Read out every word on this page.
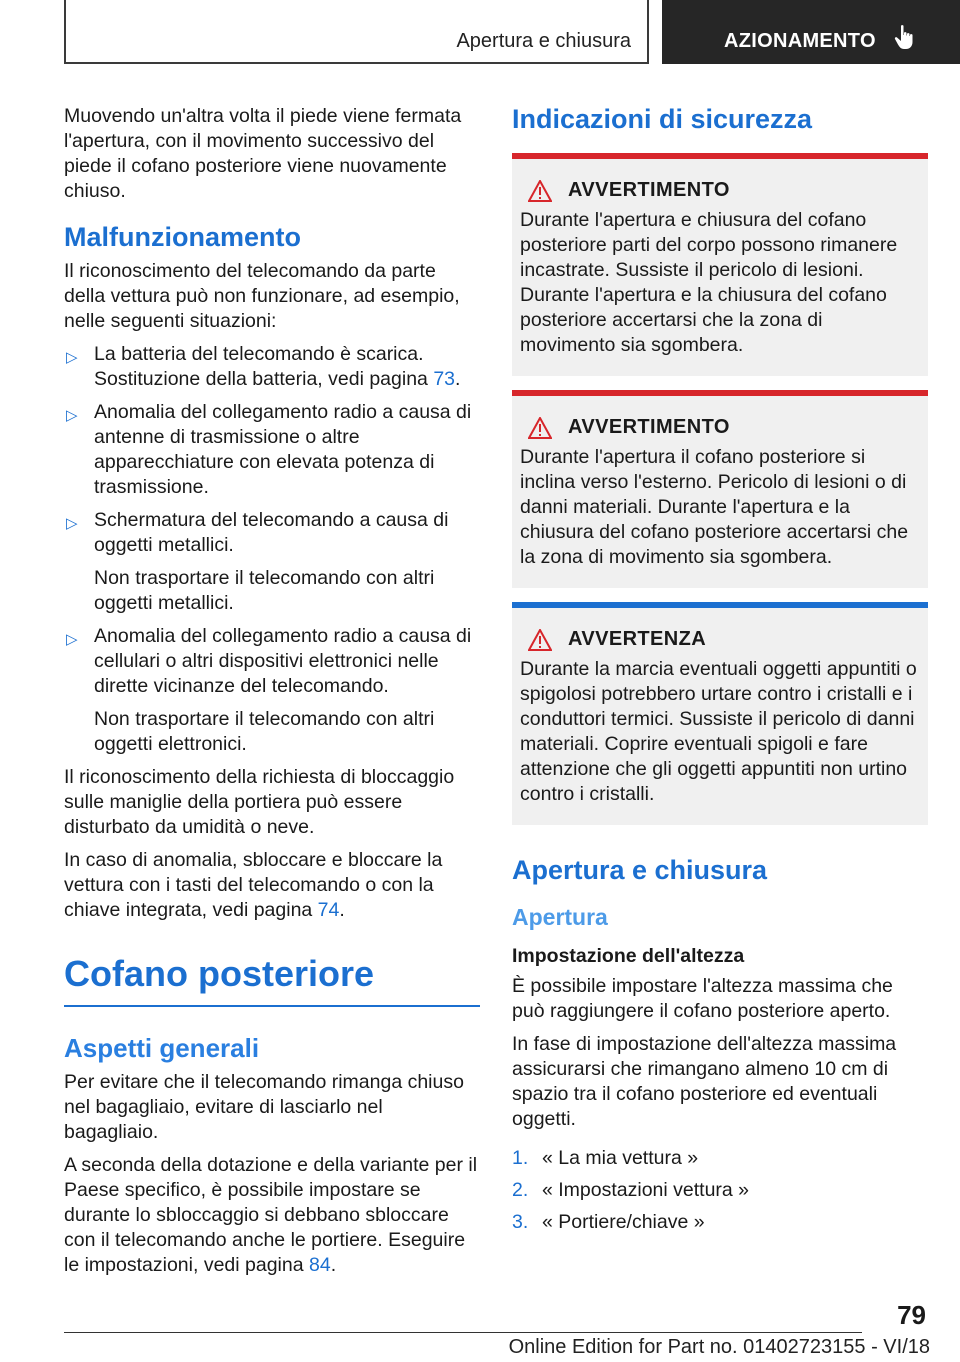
Apertura e chiusura	AZIONAMENTO

Muovendo un'altra volta il piede viene fermata l'apertura, con il movimento successivo del piede il cofano posteriore viene nuovamente chiuso.

Malfunzionamento

Il riconoscimento del telecomando da parte della vettura può non funzionare, ad esempio, nelle seguenti situazioni:

▷ La batteria del telecomando è scarica. Sostituzione della batteria, vedi pagina 73.
▷ Anomalia del collegamento radio a causa di antenne di trasmissione o altre apparecchiature con elevata potenza di trasmissione.
▷ Schermatura del telecomando a causa di oggetti metallici.
Non trasportare il telecomando con altri oggetti metallici.
▷ Anomalia del collegamento radio a causa di cellulari o altri dispositivi elettronici nelle dirette vicinanze del telecomando.
Non trasportare il telecomando con altri oggetti elettronici.

Il riconoscimento della richiesta di bloccaggio sulle maniglie della portiera può essere disturbato da umidità o neve.

In caso di anomalia, sbloccare e bloccare la vettura con i tasti del telecomando o con la chiave integrata, vedi pagina 74.

Cofano posteriore
Aspetti generali

Per evitare che il telecomando rimanga chiuso nel bagagliaio, evitare di lasciarlo nel bagagliaio.

A seconda della dotazione e della variante per il Paese specifico, è possibile impostare se durante lo sbloccaggio si debbano sbloccare con il telecomando anche le portiere. Eseguire le impostazioni, vedi pagina 84.

Indicazioni di sicurezza
AVVERTIMENTO

Durante l'apertura e chiusura del cofano posteriore parti del corpo possono rimanere incastrate. Sussiste il pericolo di lesioni. Durante l'apertura e la chiusura del cofano posteriore accertarsi che la zona di movimento sia sgombera.

AVVERTIMENTO

Durante l'apertura il cofano posteriore si inclina verso l'esterno. Pericolo di lesioni o di danni materiali. Durante l'apertura e la chiusura del cofano posteriore accertarsi che la zona di movimento sia sgombera.

AVVERTENZA

Durante la marcia eventuali oggetti appuntiti o spigolosi potrebbero urtare contro i cristalli e i conduttori termici. Sussiste il pericolo di danni materiali. Coprire eventuali spigoli e fare attenzione che gli oggetti appuntiti non urtino contro i cristalli.

Apertura e chiusura
Apertura
Impostazione dell'altezza

È possibile impostare l'altezza massima che può raggiungere il cofano posteriore aperto.

In fase di impostazione dell'altezza massima assicurarsi che rimangano almeno 10 cm di spazio tra il cofano posteriore ed eventuali oggetti.

1. « La mia vettura »
2. « Impostazioni vettura »
3. « Portiere/chiave »
79
Online Edition for Part no. 01402723155 - VI/18
